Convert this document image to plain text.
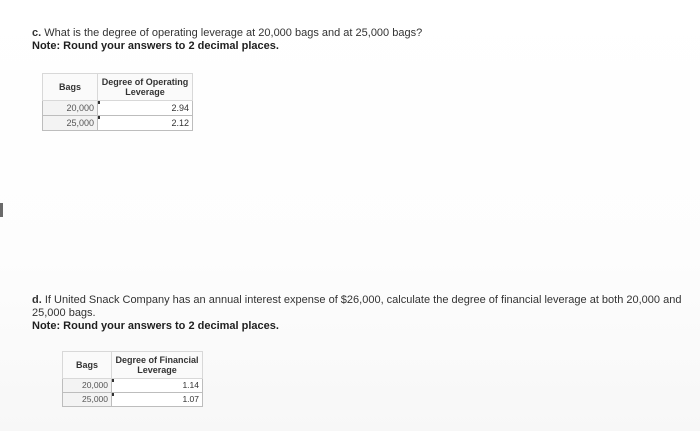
c. What is the degree of operating leverage at 20,000 bags and at 25,000 bags?
Note: Round your answers to 2 decimal places.
Bags	Degree of Operating Leverage
20,000	2.94
25,000	2.12
d. If United Snack Company has an annual interest expense of $26,000, calculate the degree of financial leverage at both 20,000 and 25,000 bags.
Note: Round your answers to 2 decimal places.
Bags	Degree of Financial Leverage
20,000	1.14
25,000	1.07
